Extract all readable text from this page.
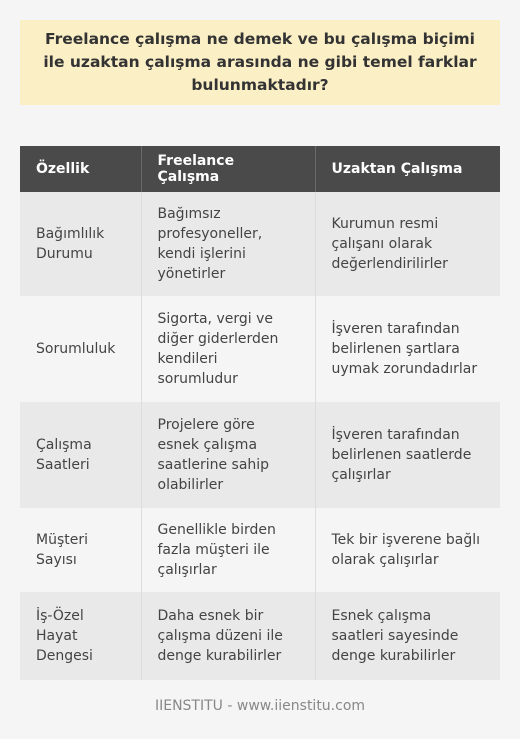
Freelance çalışma ne demek ve bu çalışma biçimi ile uzaktan çalışma arasında ne gibi temel farklar bulunmaktadır?
Özellik	Freelance Çalışma	Uzaktan Çalışma
Bağımlılık Durumu	Bağımsız profesyoneller, kendi işlerini yönetirler	Kurumun resmi çalışanı olarak değerlendirilirler
Sorumluluk	Sigorta, vergi ve diğer giderlerden kendileri sorumludur	İşveren tarafından belirlenen şartlara uymak zorundadırlar
Çalışma Saatleri	Projelere göre esnek çalışma saatlerine sahip olabilirler	İşveren tarafından belirlenen saatlerde çalışırlar
Müşteri Sayısı	Genellikle birden fazla müşteri ile çalışırlar	Tek bir işverene bağlı olarak çalışırlar
İş-Özel Hayat Dengesi	Daha esnek bir çalışma düzeni ile denge kurabilirler	Esnek çalışma saatleri sayesinde denge kurabilirler
IIENSTITU - www.iienstitu.com
